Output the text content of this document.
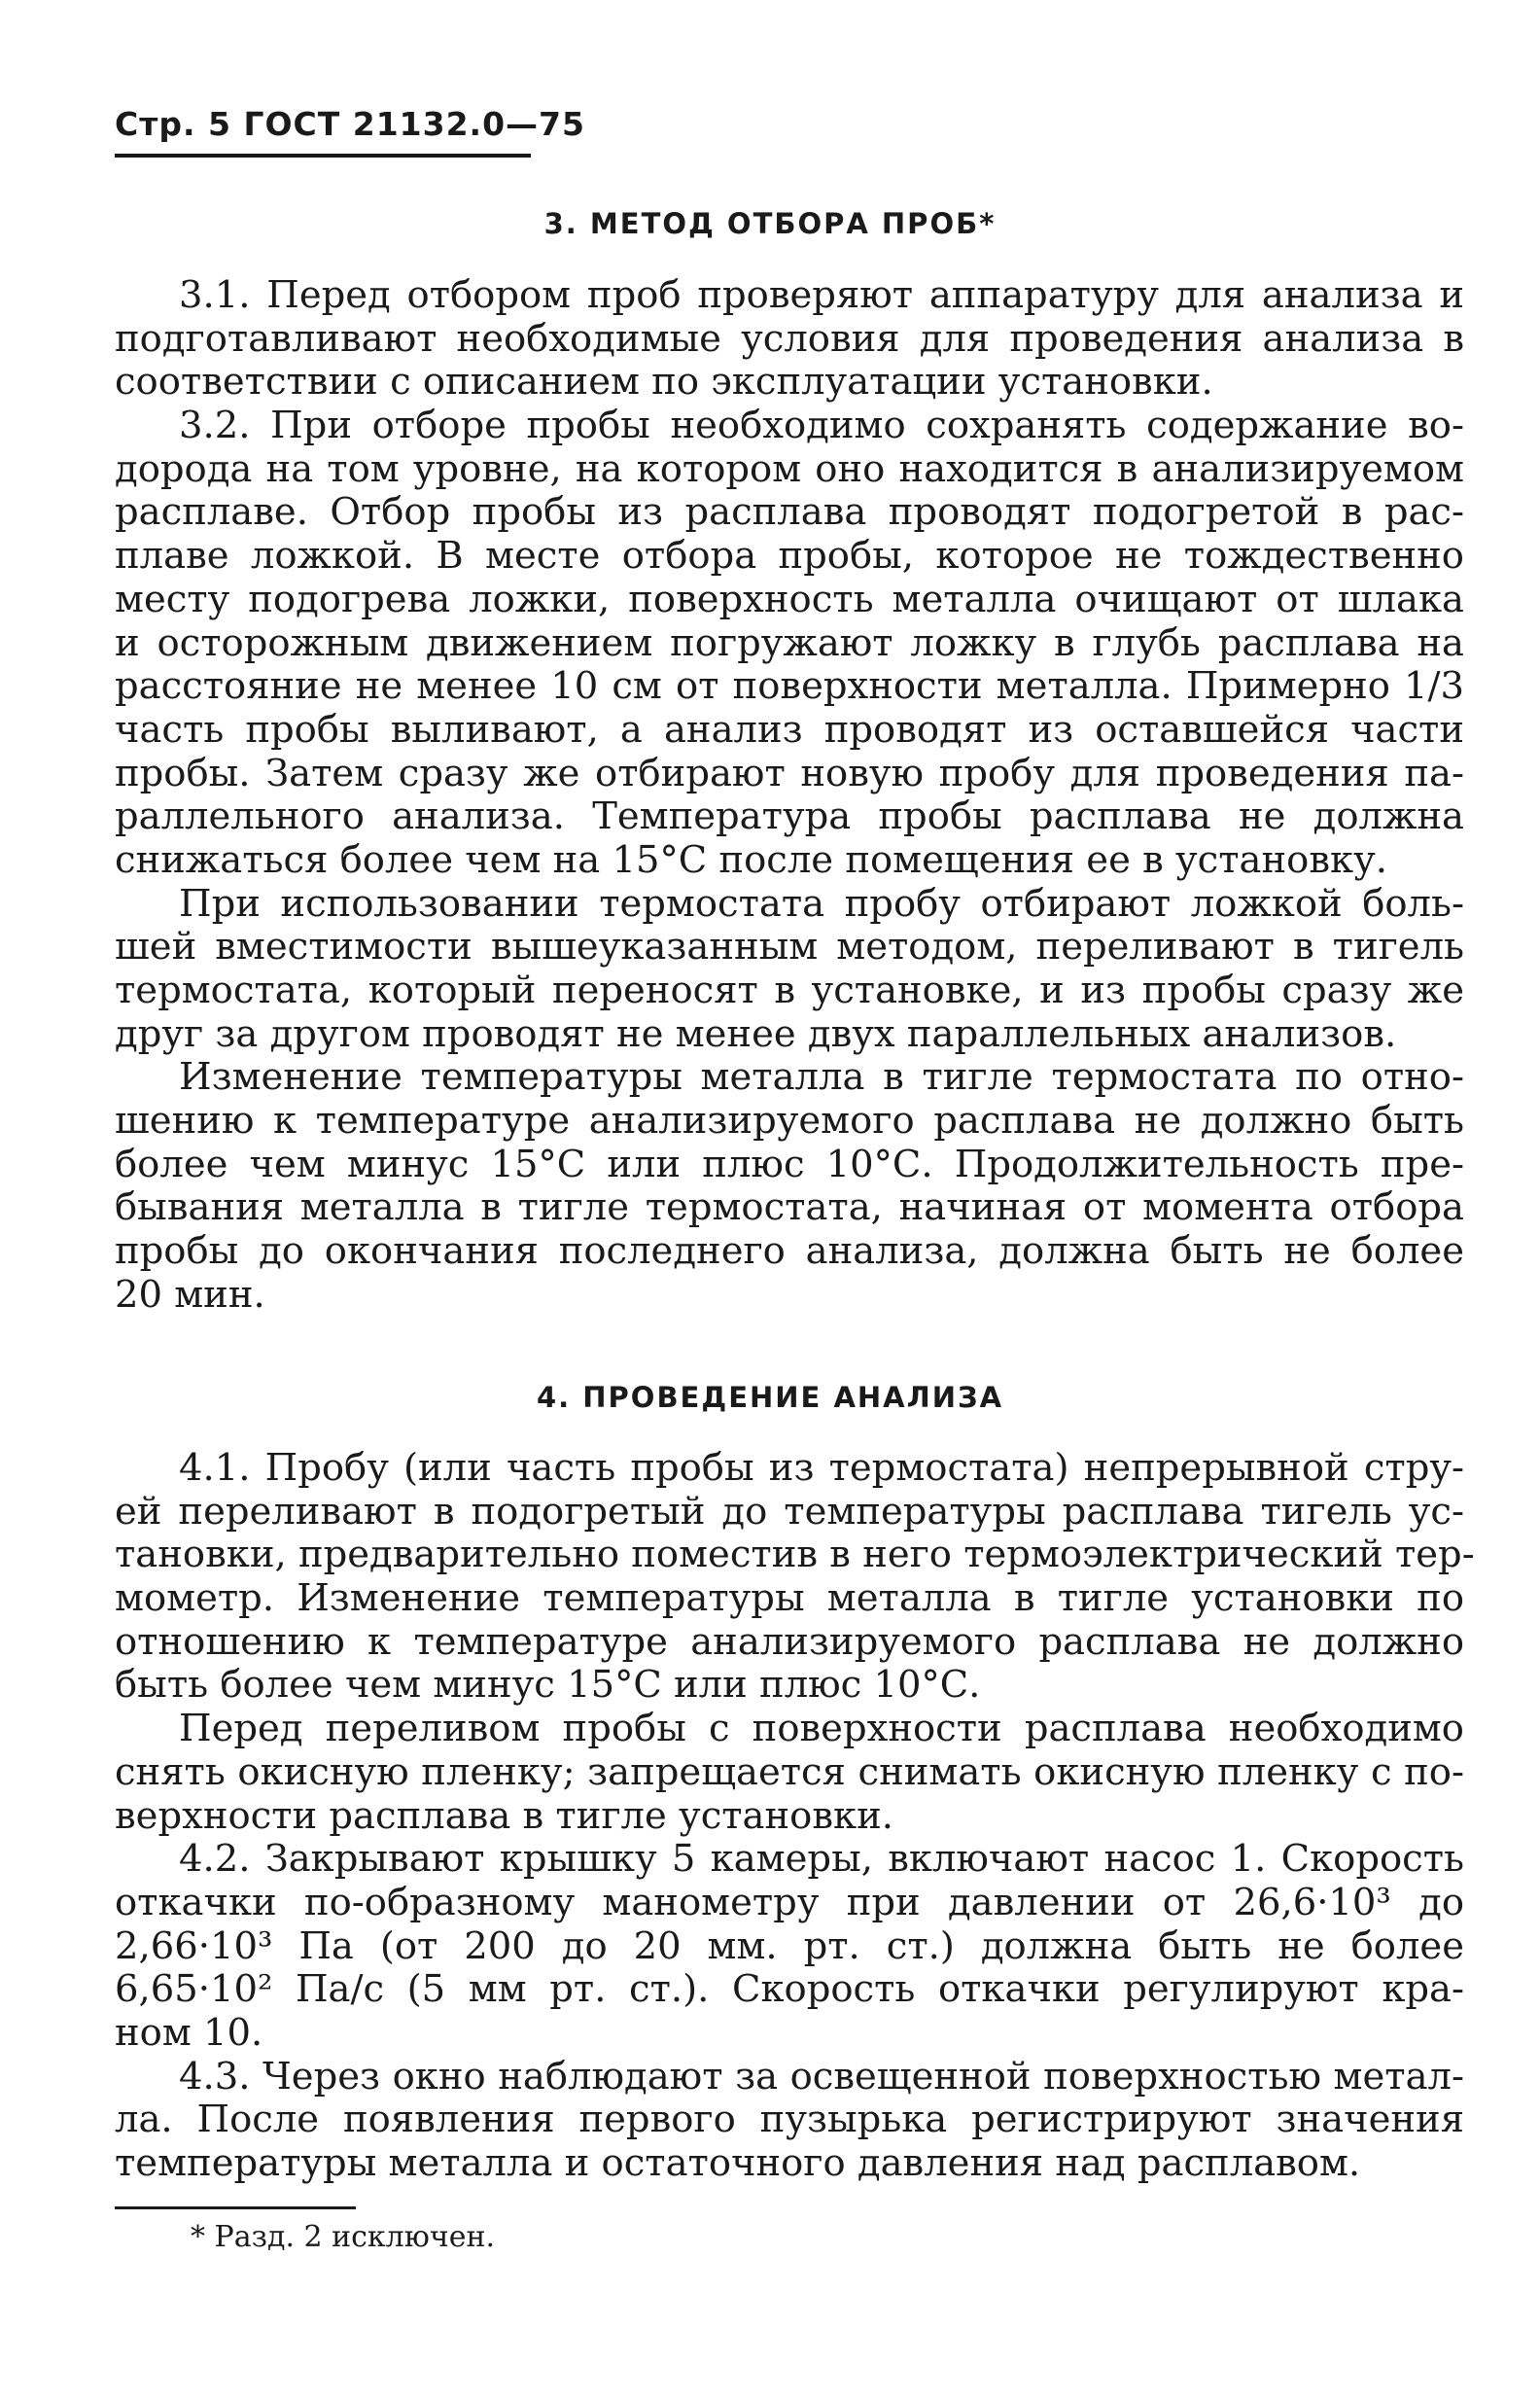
Стр. 5 ГОСТ 21132.0—75
3. МЕТОД ОТБОРА ПРОБ*
3.1. Перед отбором проб проверяют аппаратуру для анализа и
подготавливают необходимые условия для проведения анализа в
соответствии с описанием по эксплуатации установки.
3.2. При отборе пробы необходимо сохранять содержание во-
дорода на том уровне, на котором оно находится в анализируемом
расплаве. Отбор пробы из расплава проводят подогретой в рас-
плаве ложкой. В месте отбора пробы, которое не тождественно
месту подогрева ложки, поверхность металла очищают от шлака
и осторожным движением погружают ложку в глубь расплава на
расстояние не менее 10 см от поверхности металла. Примерно 1/3
часть пробы выливают, а анализ проводят из оставшейся части
пробы. Затем сразу же отбирают новую пробу для проведения па-
раллельного анализа. Температура пробы расплава не должна
снижаться более чем на 15°С после помещения ее в установку.
При использовании термостата пробу отбирают ложкой боль-
шей вместимости вышеуказанным методом, переливают в тигель
термостата, который переносят в установке, и из пробы сразу же
друг за другом проводят не менее двух параллельных анализов.
Изменение температуры металла в тигле термостата по отно-
шению к температуре анализируемого расплава не должно быть
более чем минус 15°С или плюс 10°С. Продолжительность пре-
бывания металла в тигле термостата, начиная от момента отбора
пробы до окончания последнего анализа, должна быть не более
20 мин.
4. ПРОВЕДЕНИЕ АНАЛИЗА
4.1. Пробу (или часть пробы из термостата) непрерывной стру-
ей переливают в подогретый до температуры расплава тигель ус-
тановки, предварительно поместив в него термоэлектрический тер-
мометр. Изменение температуры металла в тигле установки по
отношению к температуре анализируемого расплава не должно
быть более чем минус 15°С или плюс 10°С.
Перед переливом пробы с поверхности расплава необходимо
снять окисную пленку; запрещается снимать окисную пленку с по-
верхности расплава в тигле установки.
4.2. Закрывают крышку 5 камеры, включают насос 1. Скорость
откачки по-образному манометру при давлении от 26,6·10³ до
2,66·10³ Па (от 200 до 20 мм. рт. ст.) должна быть не более
6,65·10² Па/с (5 мм рт. ст.). Скорость откачки регулируют кра-
ном 10.
4.3. Через окно наблюдают за освещенной поверхностью метал-
ла. После появления первого пузырька регистрируют значения
температуры металла и остаточного давления над расплавом.
* Разд. 2 исключен.
